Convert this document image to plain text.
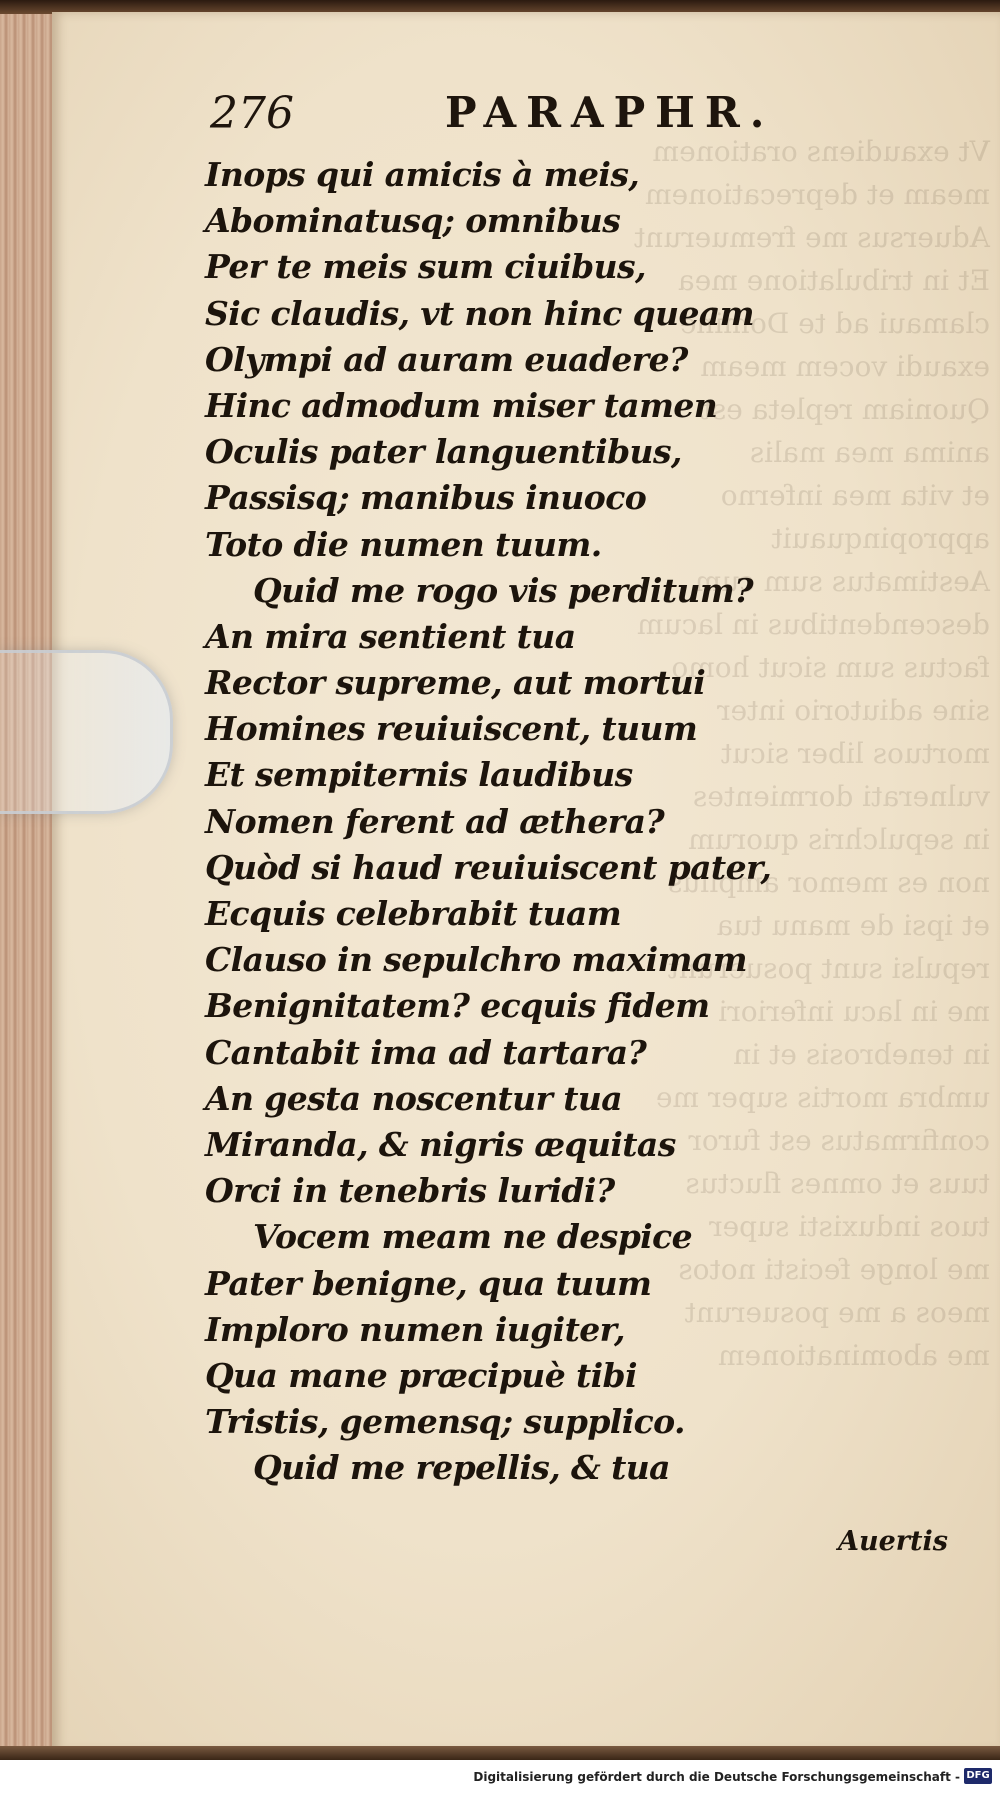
Vt exaudiens orationem
meam et deprecationem
Aduersus me fremuerunt
Et in tribulatione mea
clamaui ad te Domine
exaudi vocem meam
Quoniam repleta est
anima mea malis
et vita mea inferno
appropinquauit
Aestimatus sum cum
descendentibus in lacum
factus sum sicut homo
sine adiutorio inter
mortuos liber sicut
vulnerati dormientes
in sepulchris quorum
non es memor amplius
et ipsi de manu tua
repulsi sunt posuerunt
me in lacu inferiori
in tenebrosis et in
umbra mortis super me
confirmatus est furor
tuus et omnes fluctus
tuos induxisti super
me longe fecisti notos
meos a me posuerunt
me abominationem
276	PARAPHR.
Inops qui amicis à meis,
Abominatusq; omnibus
Per te meis sum ciuibus,
Sic claudis, vt non hinc queam
Olympi ad auram euadere?
Hinc admodum miser tamen
Oculis pater languentibus,
Passisq; manibus inuoco
Toto die numen tuum.
Quid me rogo vis perditum?
An mira sentient tua
Rector supreme, aut mortui
Homines reuiuiscent, tuum
Et sempiternis laudibus
Nomen ferent ad æthera?
Quòd si haud reuiuiscent pater,
Ecquis celebrabit tuam
Clauso in sepulchro maximam
Benignitatem? ecquis fidem
Cantabit ima ad tartara?
An gesta noscentur tua
Miranda, & nigris æquitas
Orci in tenebris luridi?
Vocem meam ne despice
Pater benigne, qua tuum
Imploro numen iugiter,
Qua mane præcipuè tibi
Tristis, gemensq; supplico.
Quid me repellis, & tua
Auertis
Digitalisierung gefördert durch die Deutsche Forschungsgemeinschaft - DFG
